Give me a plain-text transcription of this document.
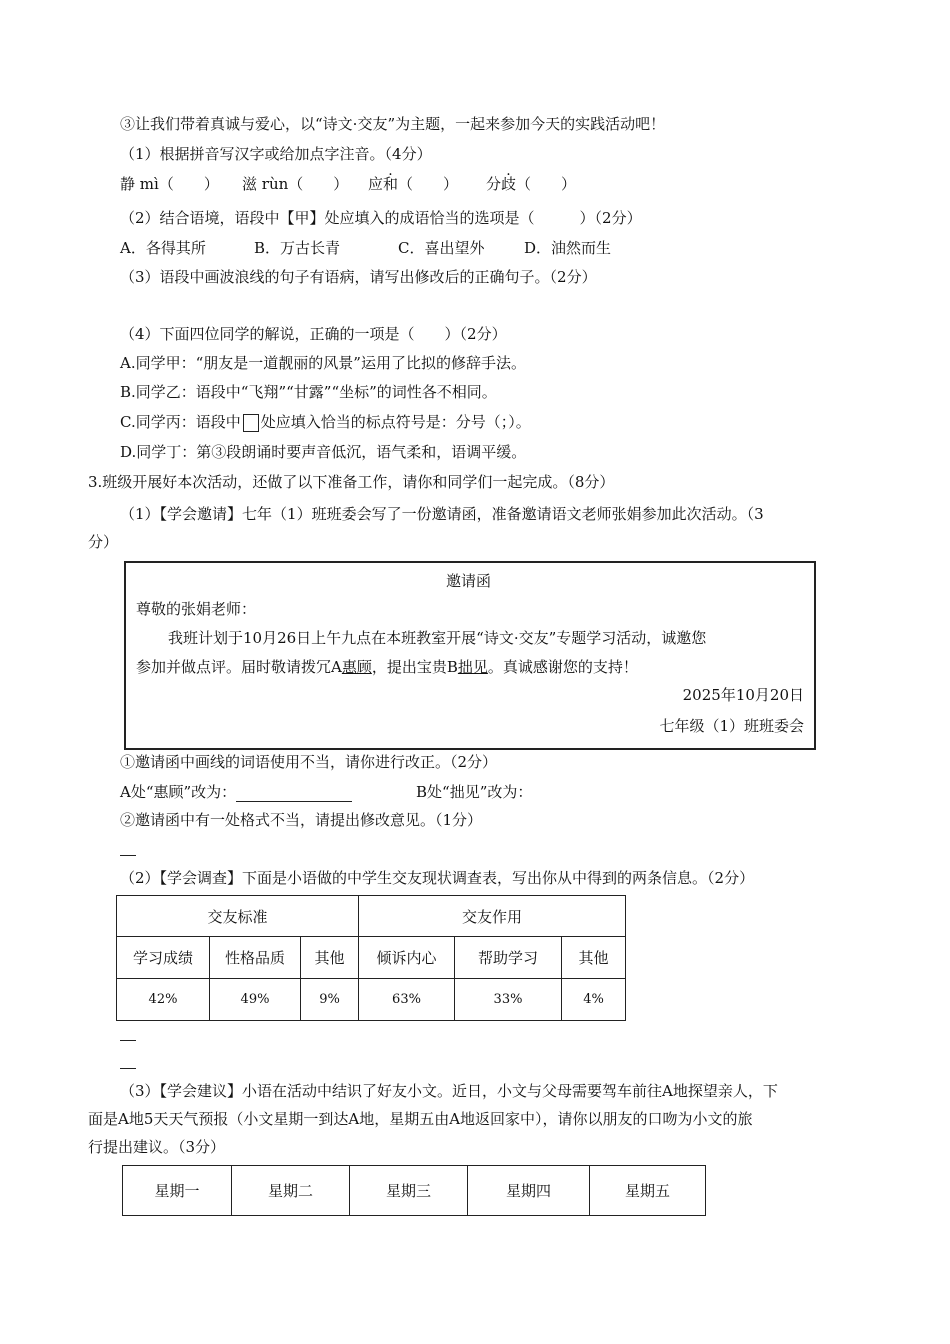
③让我们带着真诚与爱心，以“诗文·交友”为主题，一起来参加今天的实践活动吧！
（1）根据拼音写汉字或给加点字注音。（4分）
静 mì（　　） 滋 rùn（　　） 应和（　　） 分歧（　　）
（2）结合语境，语段中【甲】处应填入的成语恰当的选项是（　　　）（2分）
A．各得其所	B．万古长青	C．喜出望外	D．油然而生
（3）语段中画波浪线的句子有语病，请写出修改后的正确句子。（2分）
（4）下面四位同学的解说，正确的一项是（　　）（2分）
A.同学甲：“朋友是一道靓丽的风景”运用了比拟的修辞手法。
B.同学乙：语段中“飞翔”“甘露”“坐标”的词性各不相同。
C.同学丙：语段中 处应填入恰当的标点符号是：分号（；）。
D.同学丁：第③段朗诵时要声音低沉，语气柔和，语调平缓。
3.班级开展好本次活动，还做了以下准备工作，请你和同学们一起完成。（8分）
（1）【学会邀请】七年（1）班班委会写了一份邀请函，准备邀请语文老师张娟参加此次活动。（3
分）
邀请函
尊敬的张娟老师：
我班计划于10月26日上午九点在本班教室开展“诗文·交友”专题学习活动，诚邀您
参加并做点评。届时敬请拨冗A惠顾，提出宝贵B拙见。真诚感谢您的支持！
2025年10月20日
七年级（1）班班委会
①邀请函中画线的词语使用不当，请你进行改正。（2分）
A处“惠顾”改为：	B处“拙见”改为：
②邀请函中有一处格式不当，请提出修改意见。（1分）
（2）【学会调查】下面是小语做的中学生交友现状调查表，写出你从中得到的两条信息。（2分）
交友标准			交友作用		
学习成绩	性格品质	其他	倾诉内心	帮助学习	其他
42%	49%	9%	63%	33%	4%
（3）【学会建议】小语在活动中结识了好友小文。近日，小文与父母需要驾车前往A地探望亲人，下
面是A地5天天气预报（小文星期一到达A地，星期五由A地返回家中），请你以朋友的口吻为小文的旅
行提出建议。（3分）
星期一	星期二	星期三	星期四	星期五
